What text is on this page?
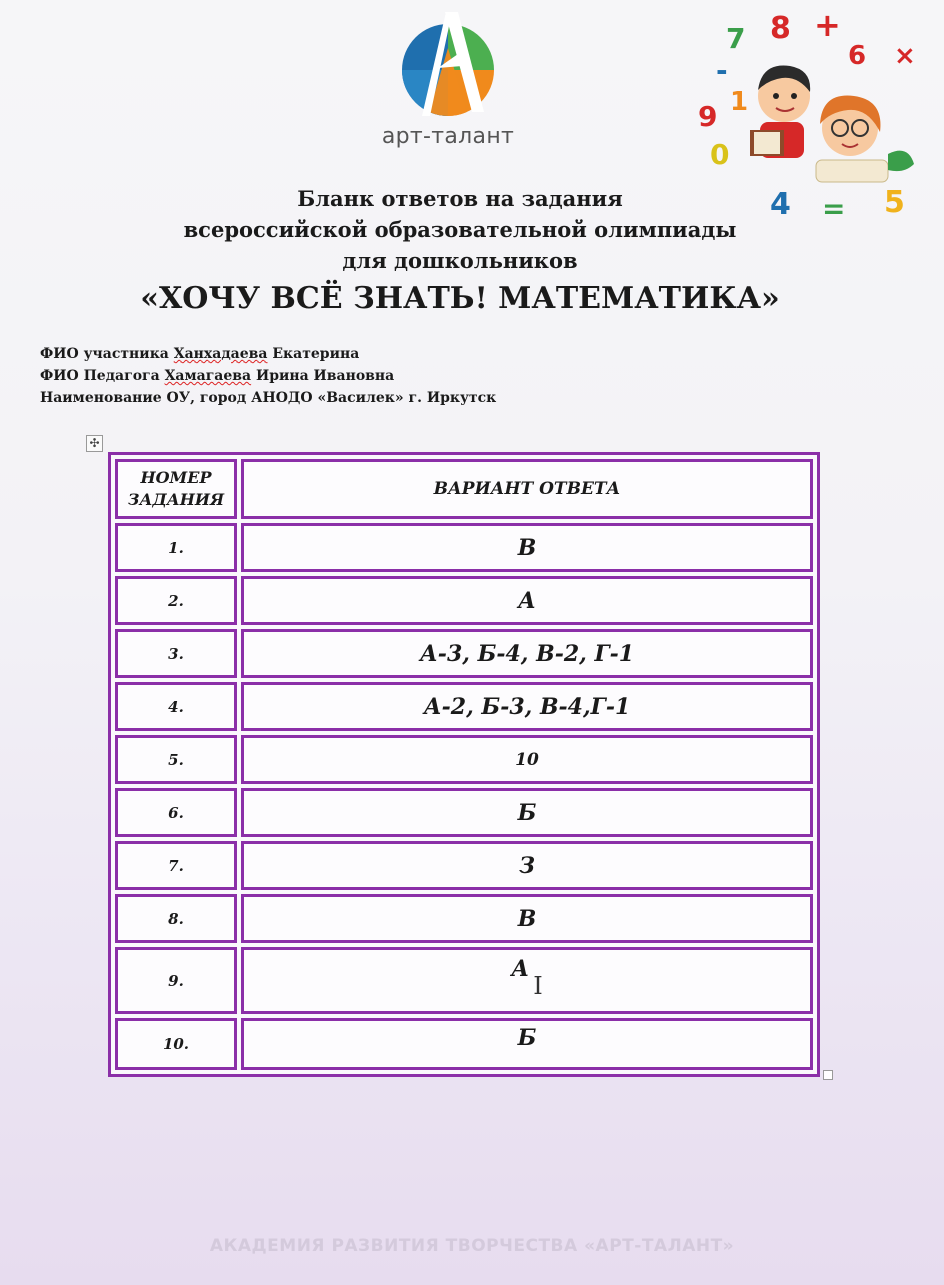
арт-талант
7 8 +
6 ×
-
9 1
0
4 = 5
Бланк ответов на задания
всероссийской образовательной олимпиады
для дошкольников
«ХОЧУ ВСЁ ЗНАТЬ! МАТЕМАТИКА»
ФИО участника Ханхадаева Екатерина
ФИО Педагога Хамагаева Ирина Ивановна
Наименование ОУ, город АНОДО «Василек» г. Иркутск
✣
НОМЕР ЗАДАНИЯ	ВАРИАНТ ОТВЕТА
1.	В
2.	А
3.	А-3, Б-4, В-2, Г-1
4.	А-2, Б-3, В-4,Г-1
5.	10
6.	Б
7.	З
8.	В
9.	АI
10.	Б
АКАДЕМИЯ РАЗВИТИЯ ТВОРЧЕСТВА «АРТ-ТАЛАНТ»
